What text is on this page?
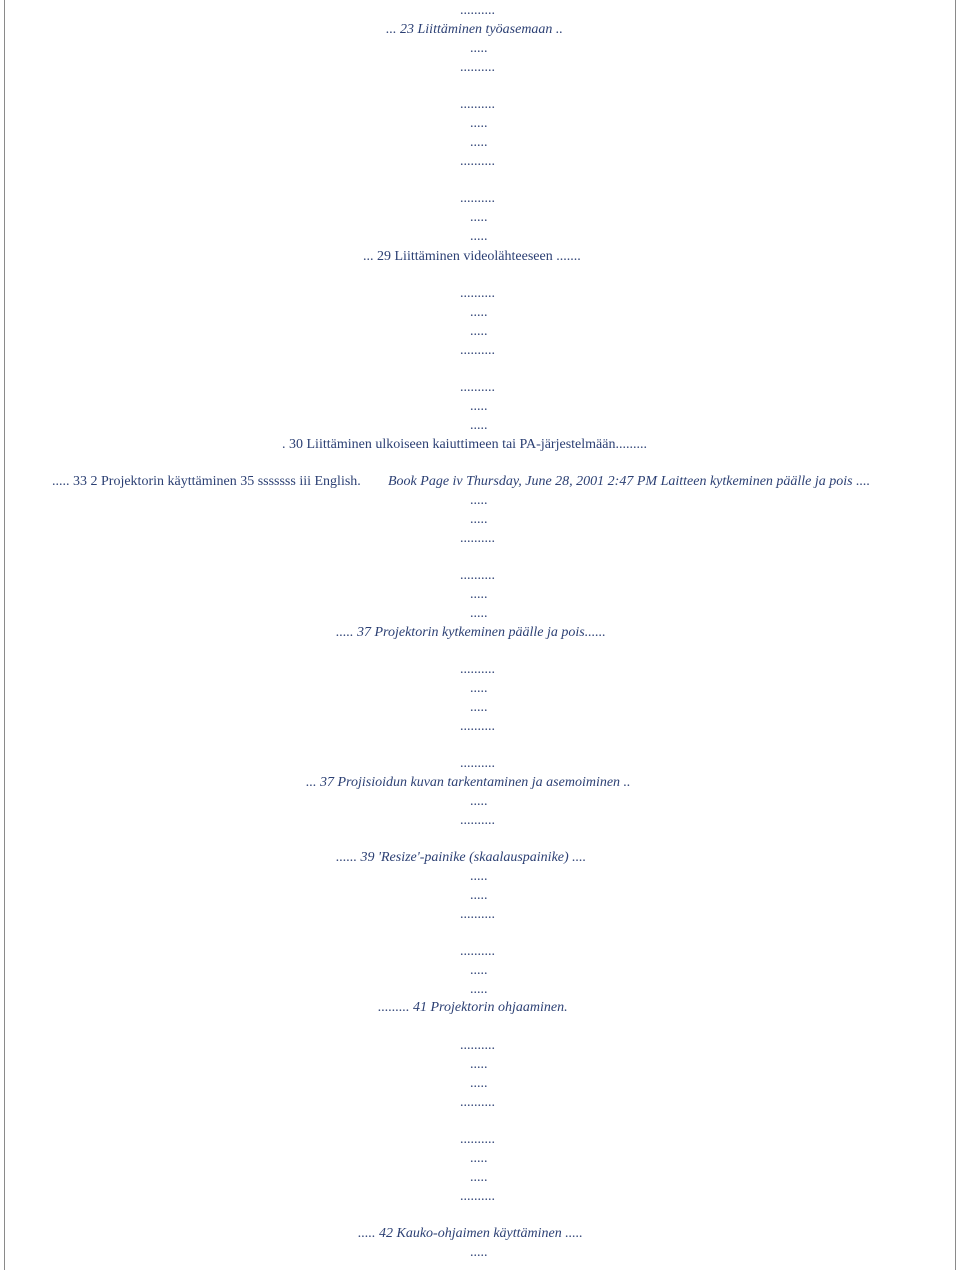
..........
... 23 Liittäminen työasemaan ..
.....
..........
..........
.....
.....
..........
..........
.....
.....
... 29 Liittäminen videolähteeseen .......
..........
.....
.....
..........
..........
.....
.....
. 30 Liittäminen ulkoiseen kaiuttimeen tai PA-järjestelmään.........
..... 33 2 Projektorin käyttäminen 35 sssssss iii English. Book Page iv Thursday, June 28, 2001 2:47 PM Laitteen kytkeminen päälle ja pois ....
.....
.....
..........
..........
.....
.....
..... 37 Projektorin kytkeminen päälle ja pois......
..........
.....
.....
..........
..........
... 37 Projisioidun kuvan tarkentaminen ja asemoiminen ..
.....
..........
...... 39 'Resize'-painike (skaalauspainike) ....
.....
.....
..........
..........
.....
.....
......... 41 Projektorin ohjaaminen.
..........
.....
.....
..........
..........
.....
.....
..........
..... 42 Kauko-ohjaimen käyttäminen .....
.....
